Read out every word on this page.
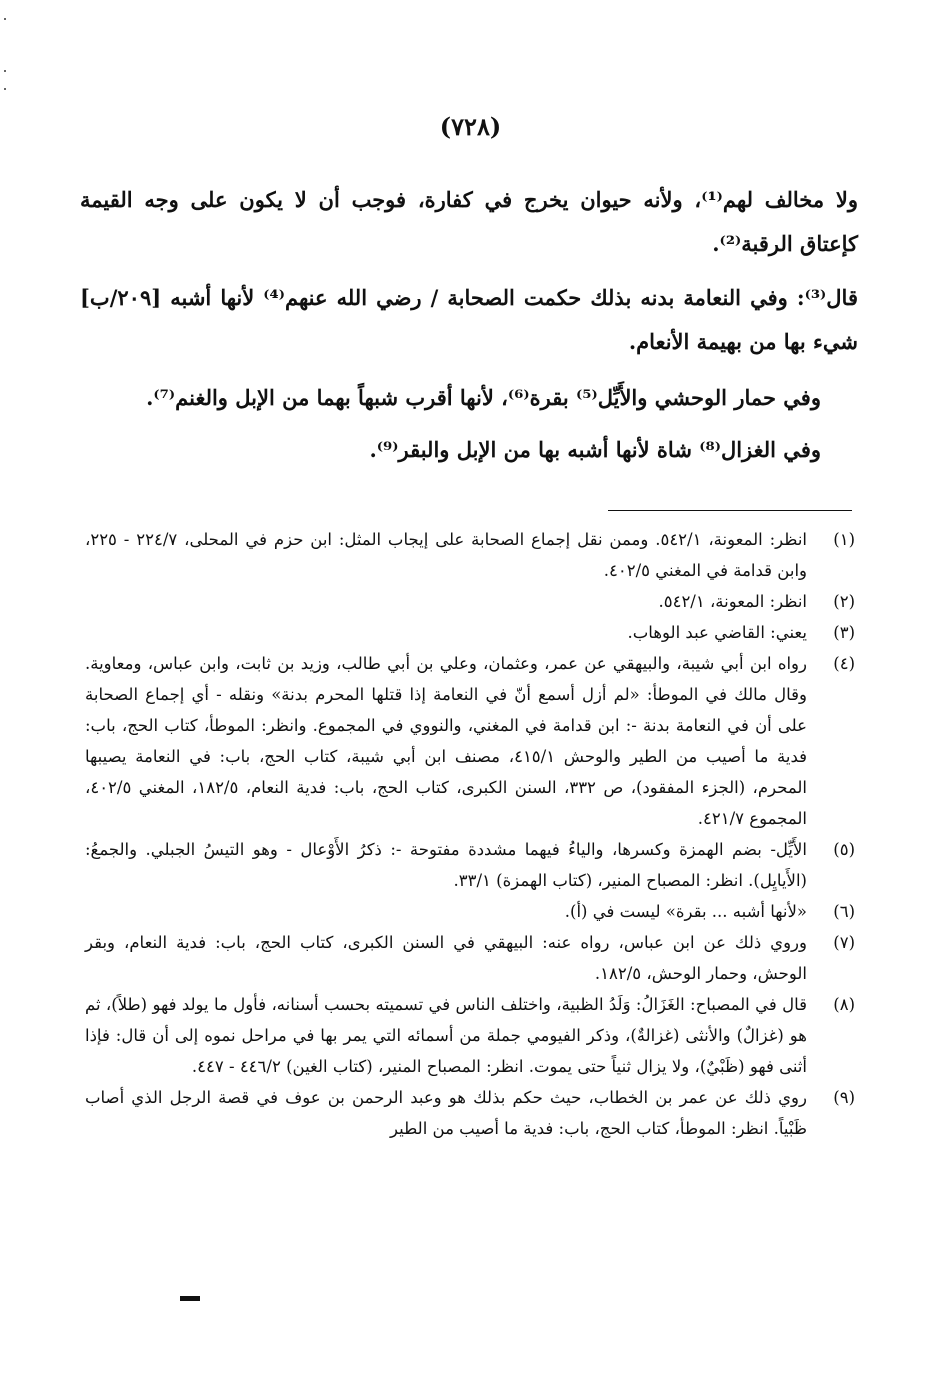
(٧٢٨)

ولا مخالف لهم⁽¹⁾، ولأنه حيوان يخرج في كفارة، فوجب أن لا يكون على وجه القيمة كإعتاق الرقبة⁽²⁾.

قال⁽³⁾: وفي النعامة بدنه بذلك حكمت الصحابة / رضي الله عنهم⁽⁴⁾ لأنها أشبه [٢٠٩/ب] شيء بها من بهيمة الأنعام.

وفي حمار الوحشي والأَيِّل⁽⁵⁾ بقرة⁽⁶⁾، لأنها أقرب شبهاً بهما من الإبل والغنم⁽⁷⁾.

وفي الغزال⁽⁸⁾ شاة لأنها أشبه بها من الإبل والبقر⁽⁹⁾.

(١)
انظر: المعونة، ٥٤٢/١. وممن نقل إجماع الصحابة على إيجاب المثل: ابن حزم في المحلى، ٢٢٤/٧ - ٢٢٥، وابن قدامة في المغني ٤٠٢/٥.
(٢)
انظر: المعونة، ٥٤٢/١.
(٣)
يعني: القاضي عبد الوهاب.
(٤)
رواه ابن أبي شيبة، والبيهقي عن عمر، وعثمان، وعلي بن أبي طالب، وزيد بن ثابت، وابن عباس، ومعاوية. وقال مالك في الموطأ: «لم أزل أسمع أنّ في النعامة إذا قتلها المحرم بدنة» ونقله - أي إجماع الصحابة على أن في النعامة بدنة -: ابن قدامة في المغني، والنووي في المجموع. وانظر: الموطأ، كتاب الحج، باب: فدية ما أصيب من الطير والوحش ٤١٥/١، مصنف ابن أبي شيبة، كتاب الحج، باب: في النعامة يصيبها المحرم، (الجزء المفقود)، ص ٣٣٢، السنن الكبرى، كتاب الحج، باب: فدية النعام، ١٨٢/٥، المغني ٤٠٢/٥، المجموع ٤٢١/٧.
(٥)
الأَيِّل- بضم الهمزة وكسرها، والياءُ فيهما مشددة مفتوحة -: ذكرُ الأَوْعال - وهو التيسُ الجبلي. والجمعُ: (الأَيايِل). انظر: المصباح المنير، (كتاب الهمزة) ٣٣/١.
(٦)
«لأنها أشبه ... بقرة» ليست في (أ).
(٧)
وروي ذلك عن ابن عباس، رواه عنه: البيهقي في السنن الكبرى، كتاب الحج، باب: فدية النعام، وبقر الوحش، وحمار الوحش، ١٨٢/٥.
(٨)
قال في المصباح: الغَزَالُ: وَلَدُ الظبية، واختلف الناس في تسميته بحسب أسنانه، فأول ما يولد فهو (طلاً)، ثم هو (غزالٌ) والأنثى (غزالةٌ)، وذكر الفيومي جملة من أسمائه التي يمر بها في مراحل نموه إلى أن قال: فإذا أثنى فهو (ظَبْيٌ)، ولا يزال ثنياً حتى يموت. انظر: المصباح المنير، (كتاب الغين) ٤٤٦/٢ - ٤٤٧.
(٩)
روي ذلك عن عمر بن الخطاب، حيث حكم بذلك هو وعبد الرحمن بن عوف في قصة الرجل الذي أصاب ظَبْياً. انظر: الموطأ، كتاب الحج، باب: فدية ما أصيب من الطير
